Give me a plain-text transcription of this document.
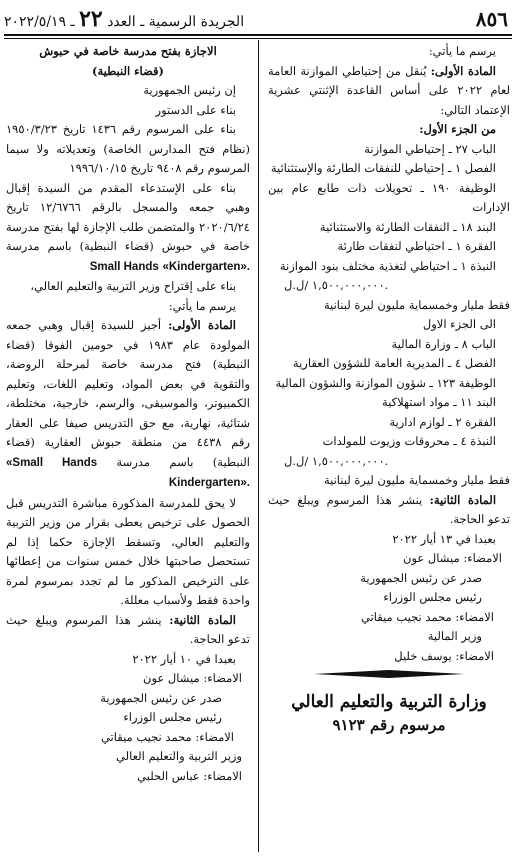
٨٥٦
الجريدة الرسمية ـ العدد ٢٢ ـ ٢٠٢٢/٥/١٩

يرسم ما يأتي:

المادة الأولى: يُنقل من إحتياطي الموازنة العامة لعام ٢٠٢٢ على أساس القاعدة الإثنتي عشرية الإعتماد التالي:

من الجزء الأول:

الباب ٢٧ ـ إحتياطي الموازنة

الفصل ١ ـ إحتياطي للنفقات الطارئة والإستثنائية

الوظيفة ١٩٠ ـ تحويلات ذات طابع عام بين الإدارات

البند ١٨ ـ النفقات الطارئة والاستثنائية

الفقرة ١ ـ احتياطي لنفقات طارئة

النبذة ١ ـ احتياطي لتغذية مختلف بنود الموازنة

١,٥٠٠,٠٠٠,٠٠٠ /ل.ل.

فقط مليار وخمسماية مليون ليرة لبنانية

الى الجزء الاول

الباب ٨ ـ وزارة المالية

الفصل ٤ ـ المديرية العامة للشؤون العقارية

الوظيفة ١٢٣ ـ شؤون الموازنة والشؤون المالية

البند ١١ ـ مواد استهلاكية

الفقرة ٢ ـ لوازم ادارية

النبذة ٤ ـ محروقات وزيوت للمولدات

١,٥٠٠,٠٠٠,٠٠٠ /ل.ل.

فقط مليار وخمسماية مليون ليرة لبنانية

المادة الثانية: ينشر هذا المرسوم ويبلغ حيث تدعو الحاجة.

بعبدا في ١٣ أيار ٢٠٢٢

الامضاء: ميشال عون

صدر عن رئيس الجمهورية

رئيس مجلس الوزراء

الامضاء: محمد نجيب ميقاتي

وزير المالية

الامضاء: يوسف خليل

وزارة التربية والتعليم العالي
مرسوم رقم ٩١٢٣

الاجازة بفتح مدرسة خاصة في حبوش

(قضاء النبطية)

إن رئيس الجمهورية

بناء على الدستور

بناء على المرسوم رقم ١٤٣٦ تاريخ ١٩٥٠/٣/٢٣ (نظام فتح المدارس الخاصة) وتعديلاته ولا سيما المرسوم رقم ٩٤٠٨ تاريخ ١٩٩٦/١٠/١٥

بناء على الإستدعاء المقدم من السيدة إقبال وهبي جمعه والمسجل بالرقم ١٢/٦٧٦٦ تاريخ ٢٠٢٠/٦/٢٤ والمتضمن طلب الإجازة لها بفتح مدرسة خاصة في حبوش (قضاء النبطية) باسم مدرسة Small Hands «Kindergarten».

بناء على إقتراح وزير التربية والتعليم العالي،

يرسم ما يأتي:

المادة الأولى: أجيز للسيدة إقبال وهبي جمعه المولودة عام ١٩٨٣ في حومين الفوقا (قضاء النبطية) فتح مدرسة خاصة لمرحلة الروضة، والتقوية في بعض المواد، وتعليم اللغات، وتعليم الكمبيوتر، والموسيقى، والرسم، خارجية، مختلطة، شتائية، نهارية، مع حق التدريس صيفا على العقار رقم ٤٤٣٨ من منطقة حبوش العقارية (قضاء النبطية) باسم مدرسة «Small Hands Kindergarten».

لا يحق للمدرسة المذكورة مباشرة التدريس قبل الحصول على ترخيص يعطى بقرار من وزير التربية والتعليم العالي، وتسقط الإجازة حكما إذا لم تستحصل صاحبتها خلال خمس سنوات من إعطائها على الترخيص المذكور ما لم تجدد بمرسوم لمرة واحدة فقط ولأسباب معللة.

المادة الثانية: ينشر هذا المرسوم ويبلغ حيث تدعو الحاجة.

بعبدا في ١٠ أيار ٢٠٢٢

الامضاء: ميشال عون

صدر عن رئيس الجمهورية

رئيس مجلس الوزراء

الامضاء: محمد نجيب ميقاتي

وزير التربية والتعليم العالي

الامضاء: عباس الحلبي
